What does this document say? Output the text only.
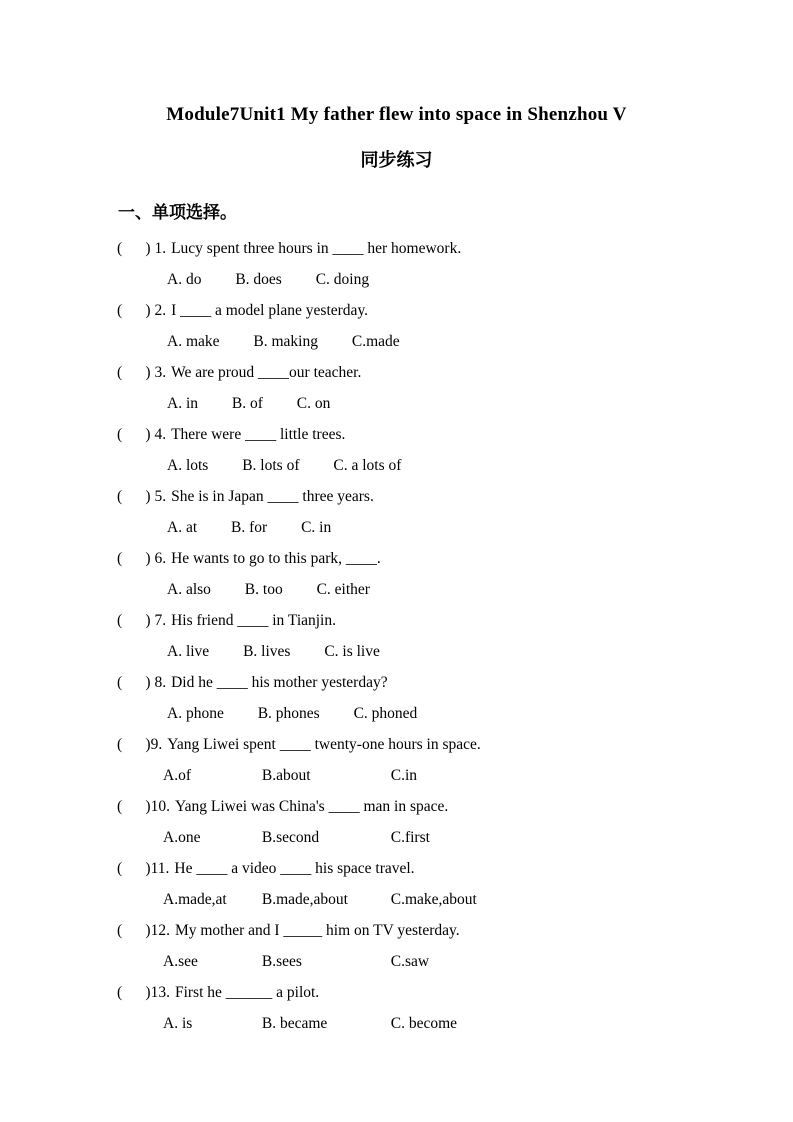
Module7Unit1 My father flew into space in Shenzhou V
同步练习
一、单项选择。
(      ) 1. Lucy spent three hours in ____ her homework.
A. do B. does C. doing
(      ) 2. I ____ a model plane yesterday.
A. make B. making C.made
(      ) 3. We are proud ____our teacher.
A. in B. of C. on
(      ) 4. There were ____ little trees.
A. lots B. lots of C. a lots of
(      ) 5. She is in Japan ____ three years.
A. at B. for C. in
(      ) 6. He wants to go to this park, ____.
A. also B. too C. either
(      ) 7. His friend ____ in Tianjin.
A. live B. lives C. is live
(      ) 8. Did he ____ his mother yesterday?
A. phone B. phones C. phoned
(      )9. Yang Liwei spent ____ twenty-one hours in space.
A.of	B.about	C.in
(      )10. Yang Liwei was China's ____ man in space.
A.one	B.second	C.first
(      )11. He ____ a video ____ his space travel.
A.made,at B.made,about	C.make,about
(      )12. My mother and I _____ him on TV yesterday.
A.see	B.sees	C.saw
(      )13. First he ______ a pilot.
A. is	B. became	C. become
